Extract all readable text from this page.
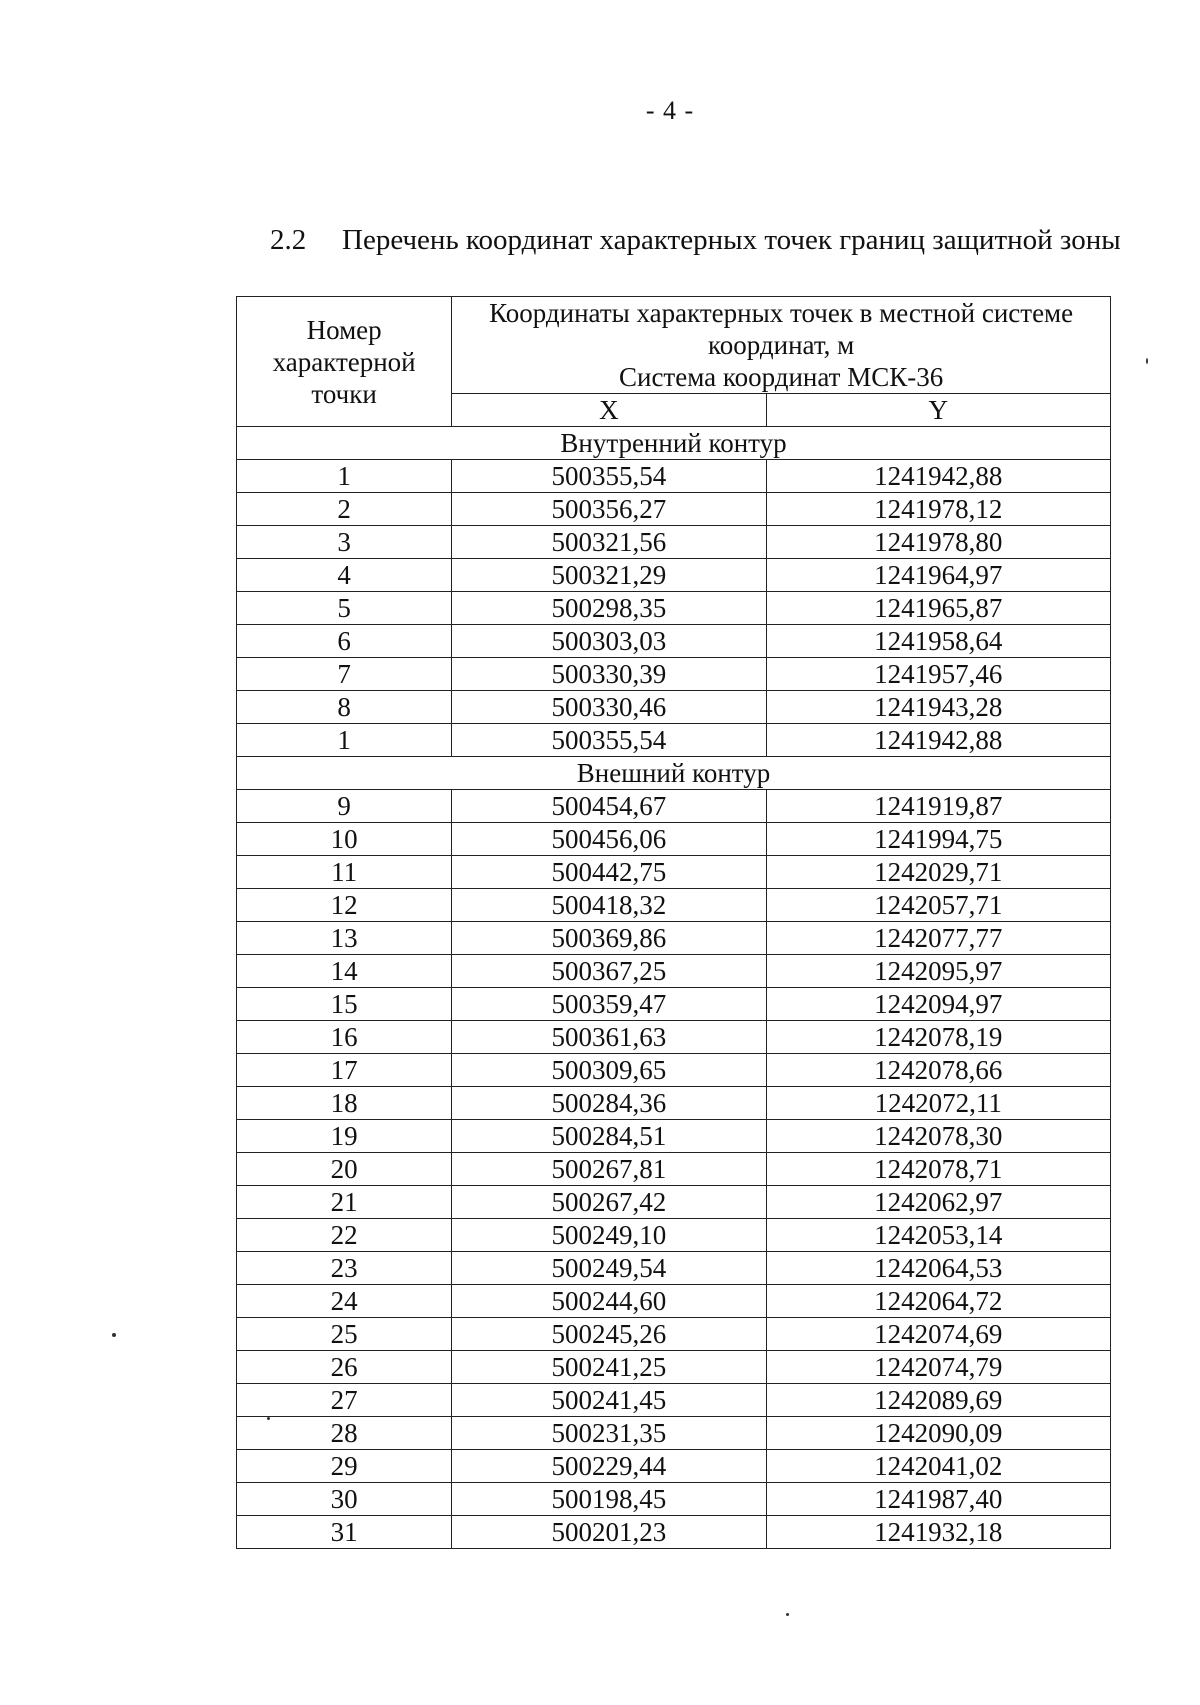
- 4 -
2.2 Перечень координат характерных точек границ защитной зоны
Номер характерной точки	Координаты характерных точек в местной системе координат, м
Система координат МСК-36	

	X	Y
Внутренний контур		
1	500355,54	1241942,88
2	500356,27	1241978,12
3	500321,56	1241978,80
4	500321,29	1241964,97
5	500298,35	1241965,87
6	500303,03	1241958,64
7	500330,39	1241957,46
8	500330,46	1241943,28
1	500355,54	1241942,88
Внешний контур		
9	500454,67	1241919,87
10	500456,06	1241994,75
11	500442,75	1242029,71
12	500418,32	1242057,71
13	500369,86	1242077,77
14	500367,25	1242095,97
15	500359,47	1242094,97
16	500361,63	1242078,19
17	500309,65	1242078,66
18	500284,36	1242072,11
19	500284,51	1242078,30
20	500267,81	1242078,71
21	500267,42	1242062,97
22	500249,10	1242053,14
23	500249,54	1242064,53
24	500244,60	1242064,72
25	500245,26	1242074,69
26	500241,25	1242074,79
27	500241,45	1242089,69
28	500231,35	1242090,09
29	500229,44	1242041,02
30	500198,45	1241987,40
31	500201,23	1241932,18
